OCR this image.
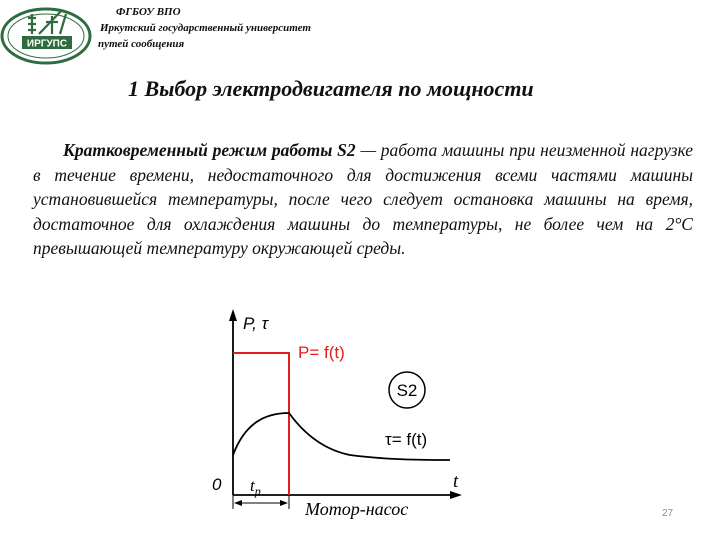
ИРГУПС
ФГБОУ ВПО
Иркутский государственный университет
путей сообщения
1 Выбор электродвигателя по мощности
Кратковременный режим работы S2 — работа машины при неизменной нагрузке в течение времени, недостаточного для достижения всеми частями машины установившейся температуры, после чего следует остановка машины на время, достаточное для охлаждения машины до температуры, не более чем на 2°С превышающей температуру окружающей среды.
P, τ
P= f(t)
S2
τ= f(t)
0	t
$t_p$
Мотор-насос	27
